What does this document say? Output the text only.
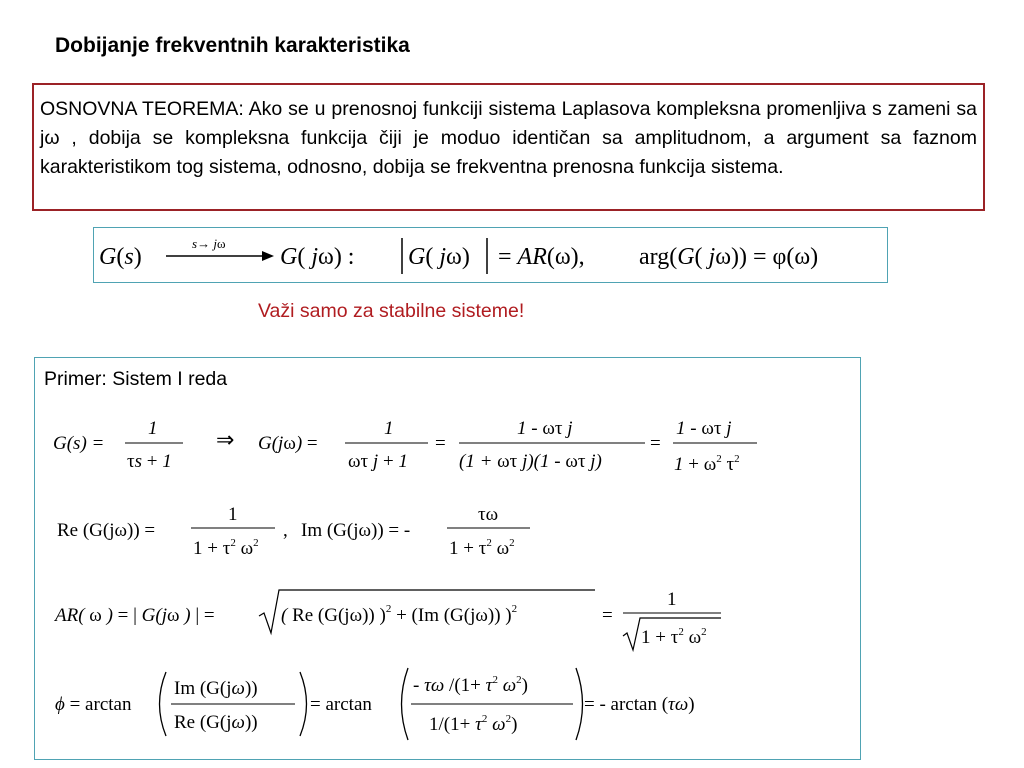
Dobijanje frekventnih karakteristika
OSNOVNA TEOREMA: Ako se u prenosnoj funkciji sistema Laplasova kompleksna promenljiva s zameni sa jω , dobija se kompleksna funkcija čiji je moduo identičan sa amplitudnom, a argument sa faznom karakteristikom tog sistema, odnosno, dobija se frekventna prenosna funkcija sistema.
G(s)
s→ jω
G( jω) : G( jω) = AR(ω), arg(G( jω)) = φ(ω)
Važi samo za stabilne sisteme!
Primer: Sistem I reda
G(s) =
1
τs + 1
⇒ G(jω) =
1
ωτ j + 1
=
1 - ωτ j
(1 + ωτ j)(1 - ωτ j)
=
1 - ωτ j
$1 + \omega^2$ $\tau^2$
Re (G(jω)) =
1
$1 + \tau^2$ $\omega^2$
, Im (G(jω)) = -
τω
$1 + \tau^2$ $\omega^2$
AR( ω ) = | G(jω ) | =	( Re (G(jω)) )$^2$ + (Im (G(jω)) )$^2$	=
1
$1 + \tau^2$ $\omega^2$
ϕ = arctan
Im (G(jω))
Re (G(jω))
= arctan
- τω $/(1+ \tau^2$ $\omega^2$)
$1/(1+ \tau^2$ $\omega^2$)
= - arctan (τω)
